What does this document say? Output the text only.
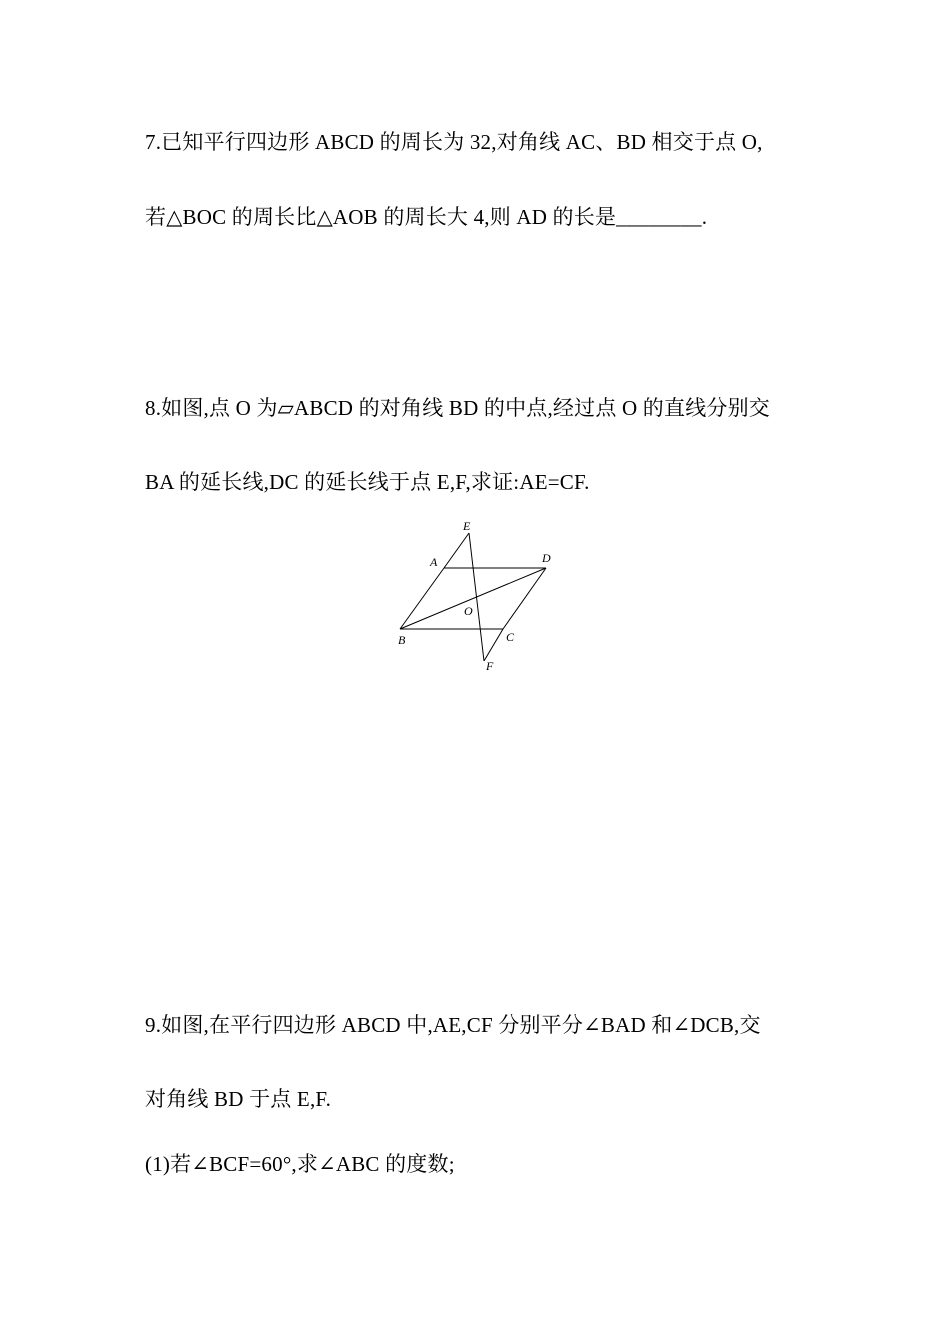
7.已知平行四边形 ABCD 的周长为 32,对角线 AC、BD 相交于点 O,
若△BOC 的周长比△AOB 的周长大 4,则 AD 的长是________.
8.如图,点 O 为▱ABCD 的对角线 BD 的中点,经过点 O 的直线分别交
BA 的延长线,DC 的延长线于点 E,F,求证:AE=CF.
E
A	D
O
B	C
F
9.如图,在平行四边形 ABCD 中,AE,CF 分别平分∠BAD 和∠DCB,交
对角线 BD 于点 E,F.
(1)若∠BCF=60°,求∠ABC 的度数;
